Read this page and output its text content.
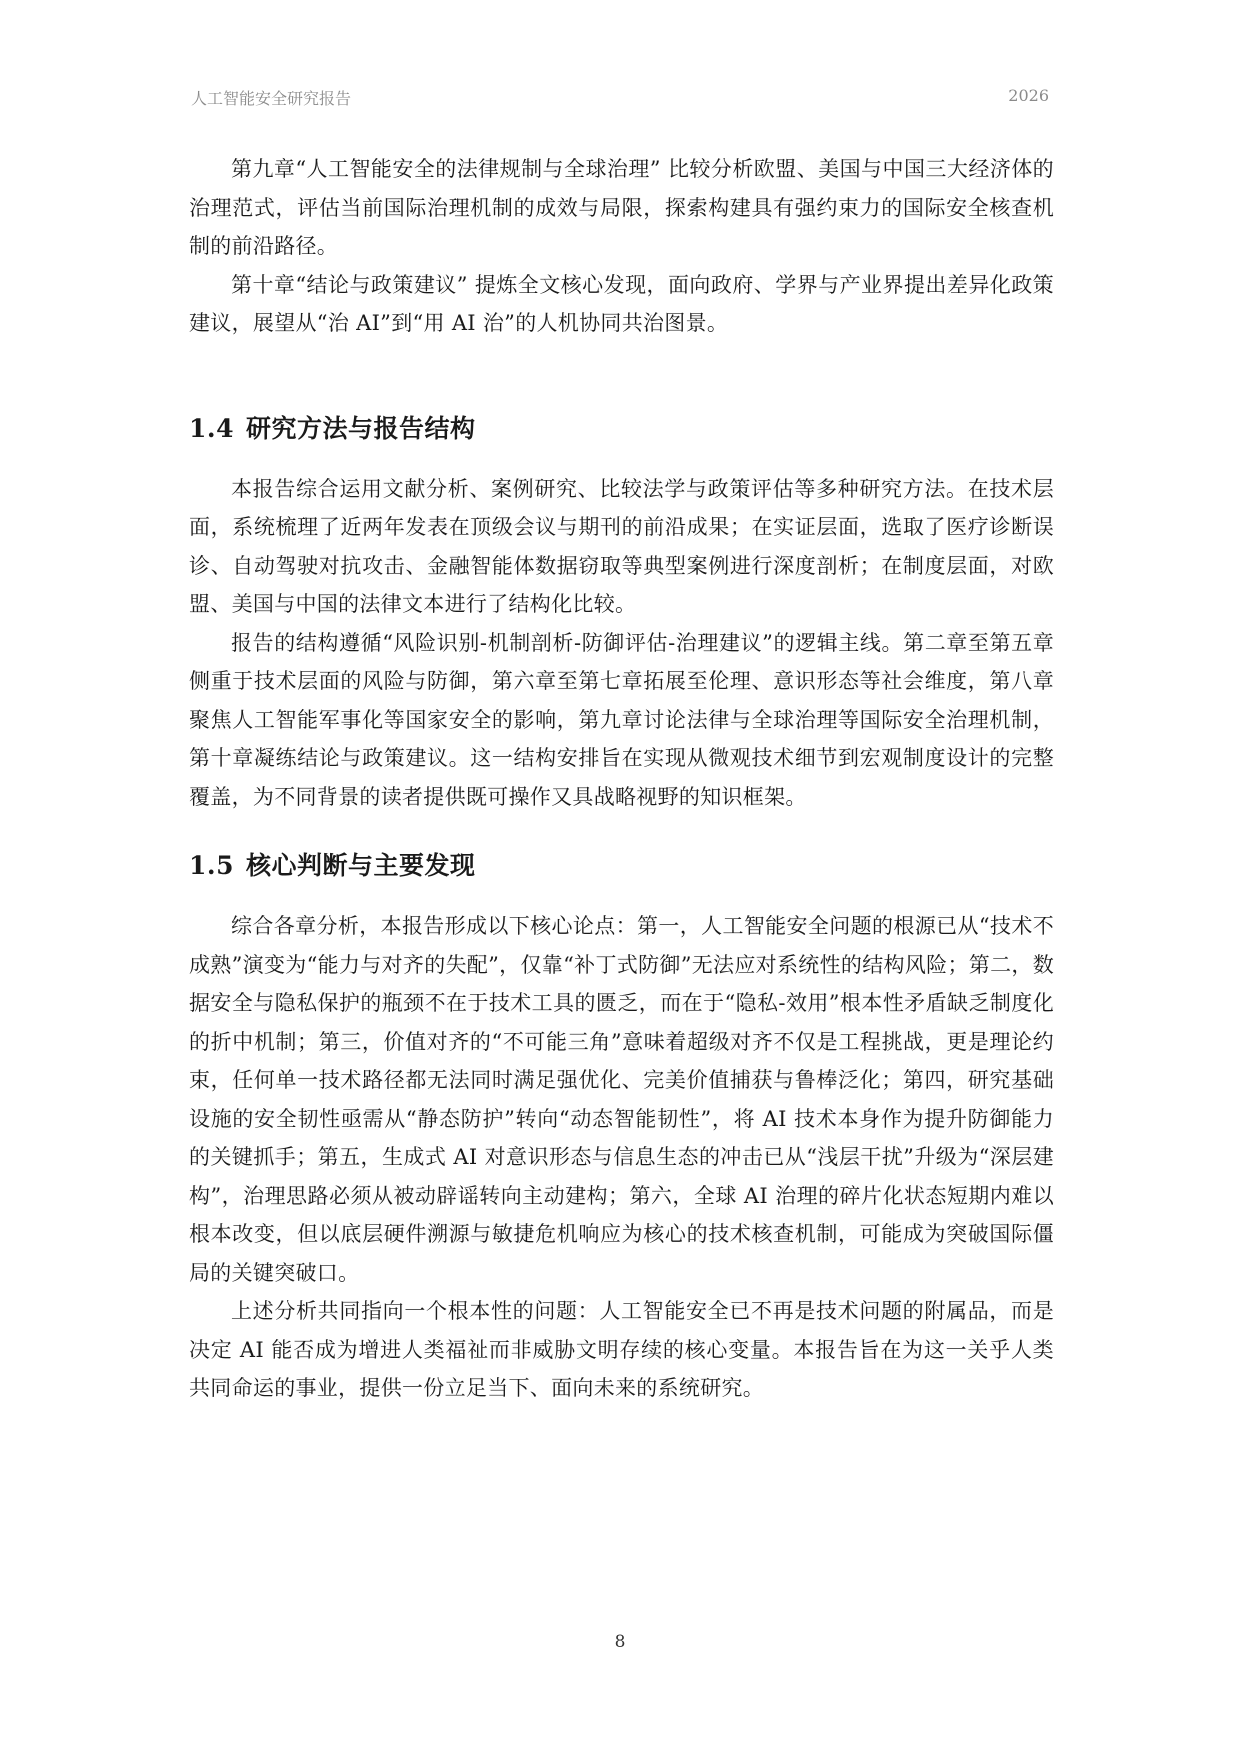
人工智能安全研究报告	2026

第九章“人工智能安全的法律规制与全球治理” 比较分析欧盟、美国与中国三大经济体的治理范式，评估当前国际治理机制的成效与局限，探索构建具有强约束力的国际安全核查机制的前沿路径。

第十章“结论与政策建议” 提炼全文核心发现，面向政府、学界与产业界提出差异化政策建议，展望从“治 AI”到“用 AI 治”的人机协同共治图景。

1.4 研究方法与报告结构

本报告综合运用文献分析、案例研究、比较法学与政策评估等多种研究方法。在技术层面，系统梳理了近两年发表在顶级会议与期刊的前沿成果；在实证层面，选取了医疗诊断误诊、自动驾驶对抗攻击、金融智能体数据窃取等典型案例进行深度剖析；在制度层面，对欧盟、美国与中国的法律文本进行了结构化比较。

报告的结构遵循“风险识别-机制剖析-防御评估-治理建议”的逻辑主线。第二章至第五章侧重于技术层面的风险与防御，第六章至第七章拓展至伦理、意识形态等社会维度，第八章聚焦人工智能军事化等国家安全的影响，第九章讨论法律与全球治理等国际安全治理机制，第十章凝练结论与政策建议。这一结构安排旨在实现从微观技术细节到宏观制度设计的完整覆盖，为不同背景的读者提供既可操作又具战略视野的知识框架。

1.5 核心判断与主要发现

综合各章分析，本报告形成以下核心论点：第一，人工智能安全问题的根源已从“技术不成熟”演变为“能力与对齐的失配”，仅靠“补丁式防御”无法应对系统性的结构风险；第二，数据安全与隐私保护的瓶颈不在于技术工具的匮乏，而在于“隐私-效用”根本性矛盾缺乏制度化的折中机制；第三，价值对齐的“不可能三角”意味着超级对齐不仅是工程挑战，更是理论约束，任何单一技术路径都无法同时满足强优化、完美价值捕获与鲁棒泛化；第四，研究基础设施的安全韧性亟需从“静态防护”转向“动态智能韧性”，将 AI 技术本身作为提升防御能力的关键抓手；第五，生成式 AI 对意识形态与信息生态的冲击已从“浅层干扰”升级为“深层建构”，治理思路必须从被动辟谣转向主动建构；第六，全球 AI 治理的碎片化状态短期内难以根本改变，但以底层硬件溯源与敏捷危机响应为核心的技术核查机制，可能成为突破国际僵局的关键突破口。

上述分析共同指向一个根本性的问题：人工智能安全已不再是技术问题的附属品，而是决定 AI 能否成为增进人类福祉而非威胁文明存续的核心变量。本报告旨在为这一关乎人类共同命运的事业，提供一份立足当下、面向未来的系统研究。

8
